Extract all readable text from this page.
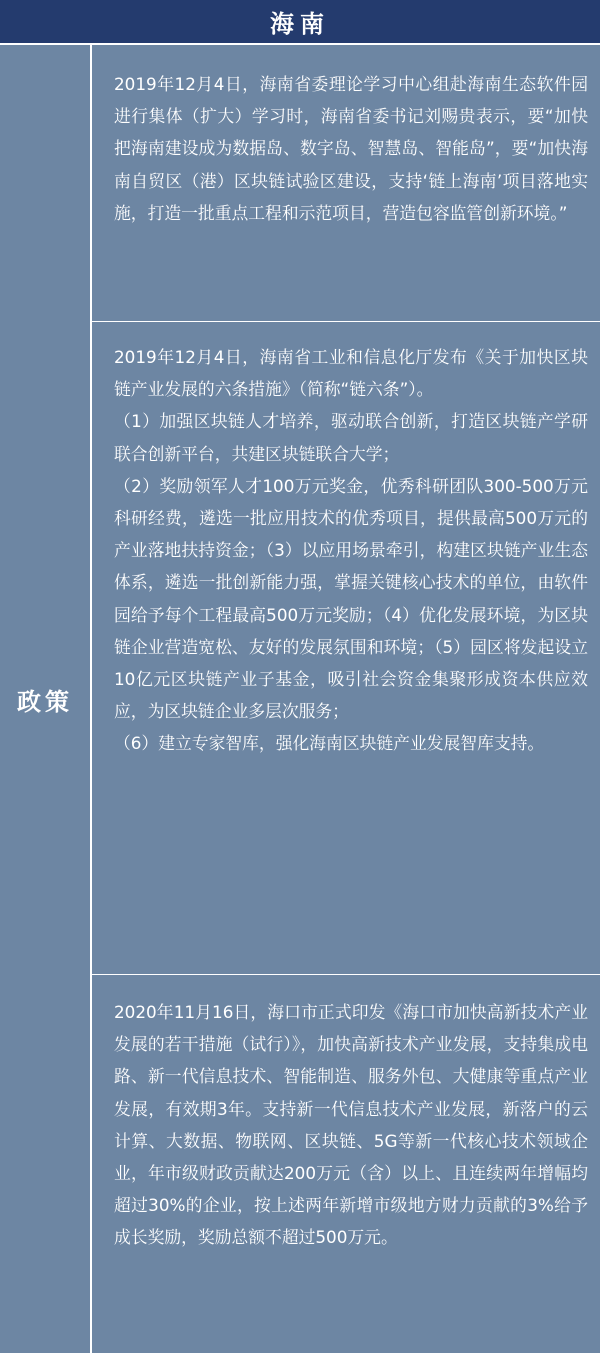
海南
政策

2019年12月4日，海南省委理论学习中心组赴海南生态软件园进行集体（扩大）学习时，海南省委书记刘赐贵表示，要“加快把海南建设成为数据岛、数字岛、智慧岛、智能岛”，要“加快海南自贸区（港）区块链试验区建设，支持‘链上海南’项目落地实施，打造一批重点工程和示范项目，营造包容监管创新环境。”

2019年12月4日，海南省工业和信息化厅发布《关于加快区块链产业发展的六条措施》（简称“链六条”）。

（1）加强区块链人才培养，驱动联合创新，打造区块链产学研联合创新平台，共建区块链联合大学；

（2）奖励领军人才100万元奖金，优秀科研团队300-500万元科研经费，遴选一批应用技术的优秀项目，提供最高500万元的产业落地扶持资金；（3）以应用场景牵引，构建区块链产业生态体系，遴选一批创新能力强，掌握关键核心技术的单位，由软件园给予每个工程最高500万元奖励；（4）优化发展环境，为区块链企业营造宽松、友好的发展氛围和环境；（5）园区将发起设立10亿元区块链产业子基金，吸引社会资金集聚形成资本供应效应，为区块链企业多层次服务；

（6）建立专家智库，强化海南区块链产业发展智库支持。

2020年11月16日，海口市正式印发《海口市加快高新技术产业发展的若干措施（试行）》，加快高新技术产业发展，支持集成电路、新一代信息技术、智能制造、服务外包、大健康等重点产业发展，有效期3年。支持新一代信息技术产业发展，新落户的云计算、大数据、物联网、区块链、5G等新一代核心技术领域企业，年市级财政贡献达200万元（含）以上、且连续两年增幅均超过30%的企业，按上述两年新增市级地方财力贡献的3%给予成长奖励，奖励总额不超过500万元。
